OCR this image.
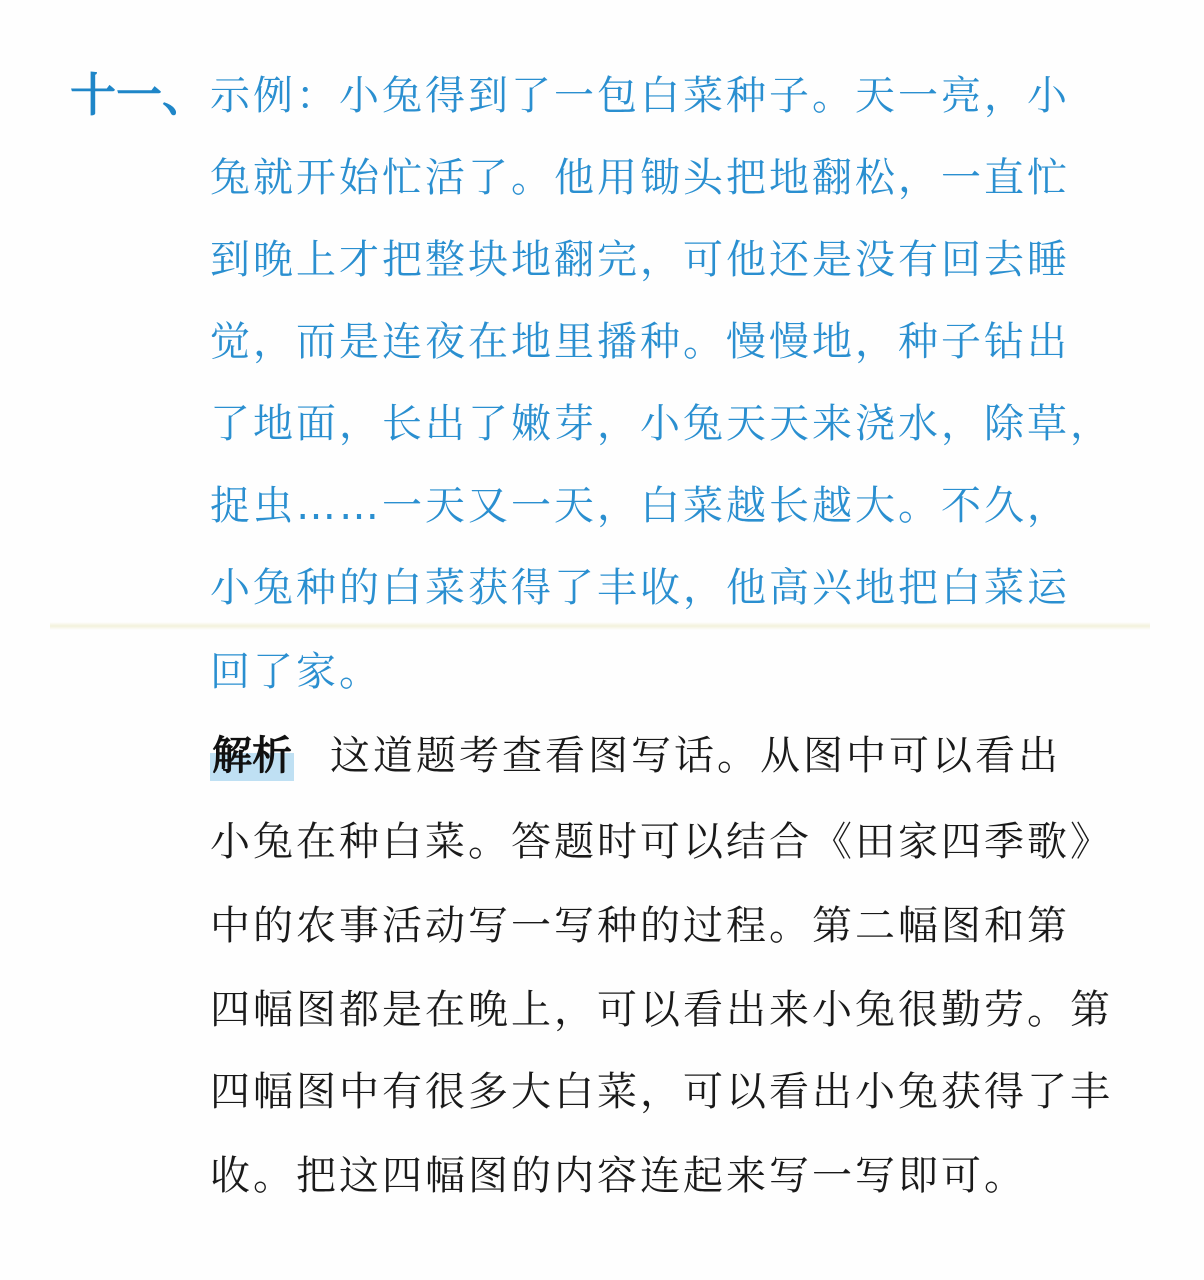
十一、 示例：小兔得到了一包白菜种子。天一亮，小
兔就开始忙活了。他用锄头把地翻松，一直忙
到晚上才把整块地翻完，可他还是没有回去睡
觉，而是连夜在地里播种。慢慢地，种子钻出
了地面，长出了嫩芽，小兔天天来浇水，除草，
捉虫……一天又一天，白菜越长越大。不久，
小兔种的白菜获得了丰收，他高兴地把白菜运
回了家。
解析 这道题考查看图写话。从图中可以看出
小兔在种白菜。答题时可以结合《田家四季歌》
中的农事活动写一写种的过程。第二幅图和第
四幅图都是在晚上，可以看出来小兔很勤劳。第
四幅图中有很多大白菜，可以看出小兔获得了丰
收。把这四幅图的内容连起来写一写即可。
